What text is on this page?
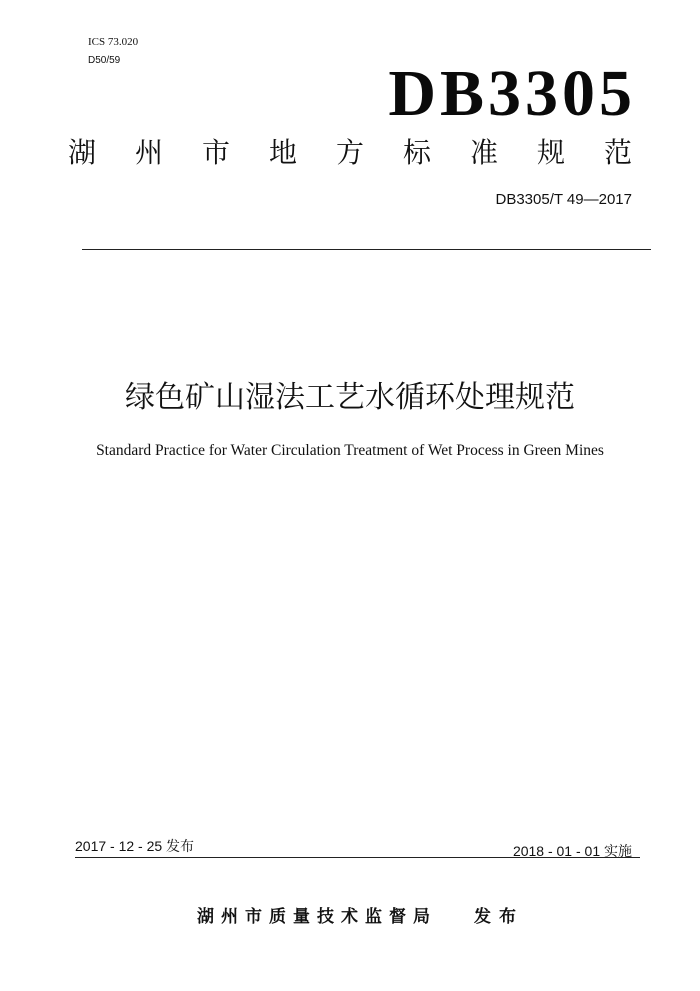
ICS 73.020
D50/59	DB3305
湖州市地方标准规范
DB3305/T 49—2017
绿色矿山湿法工艺水循环处理规范
Standard Practice for Water Circulation Treatment of Wet Process in Green Mines
2017 - 12 - 25 发布	2018 - 01 - 01 实施
湖州市质量技术监督局 发布
